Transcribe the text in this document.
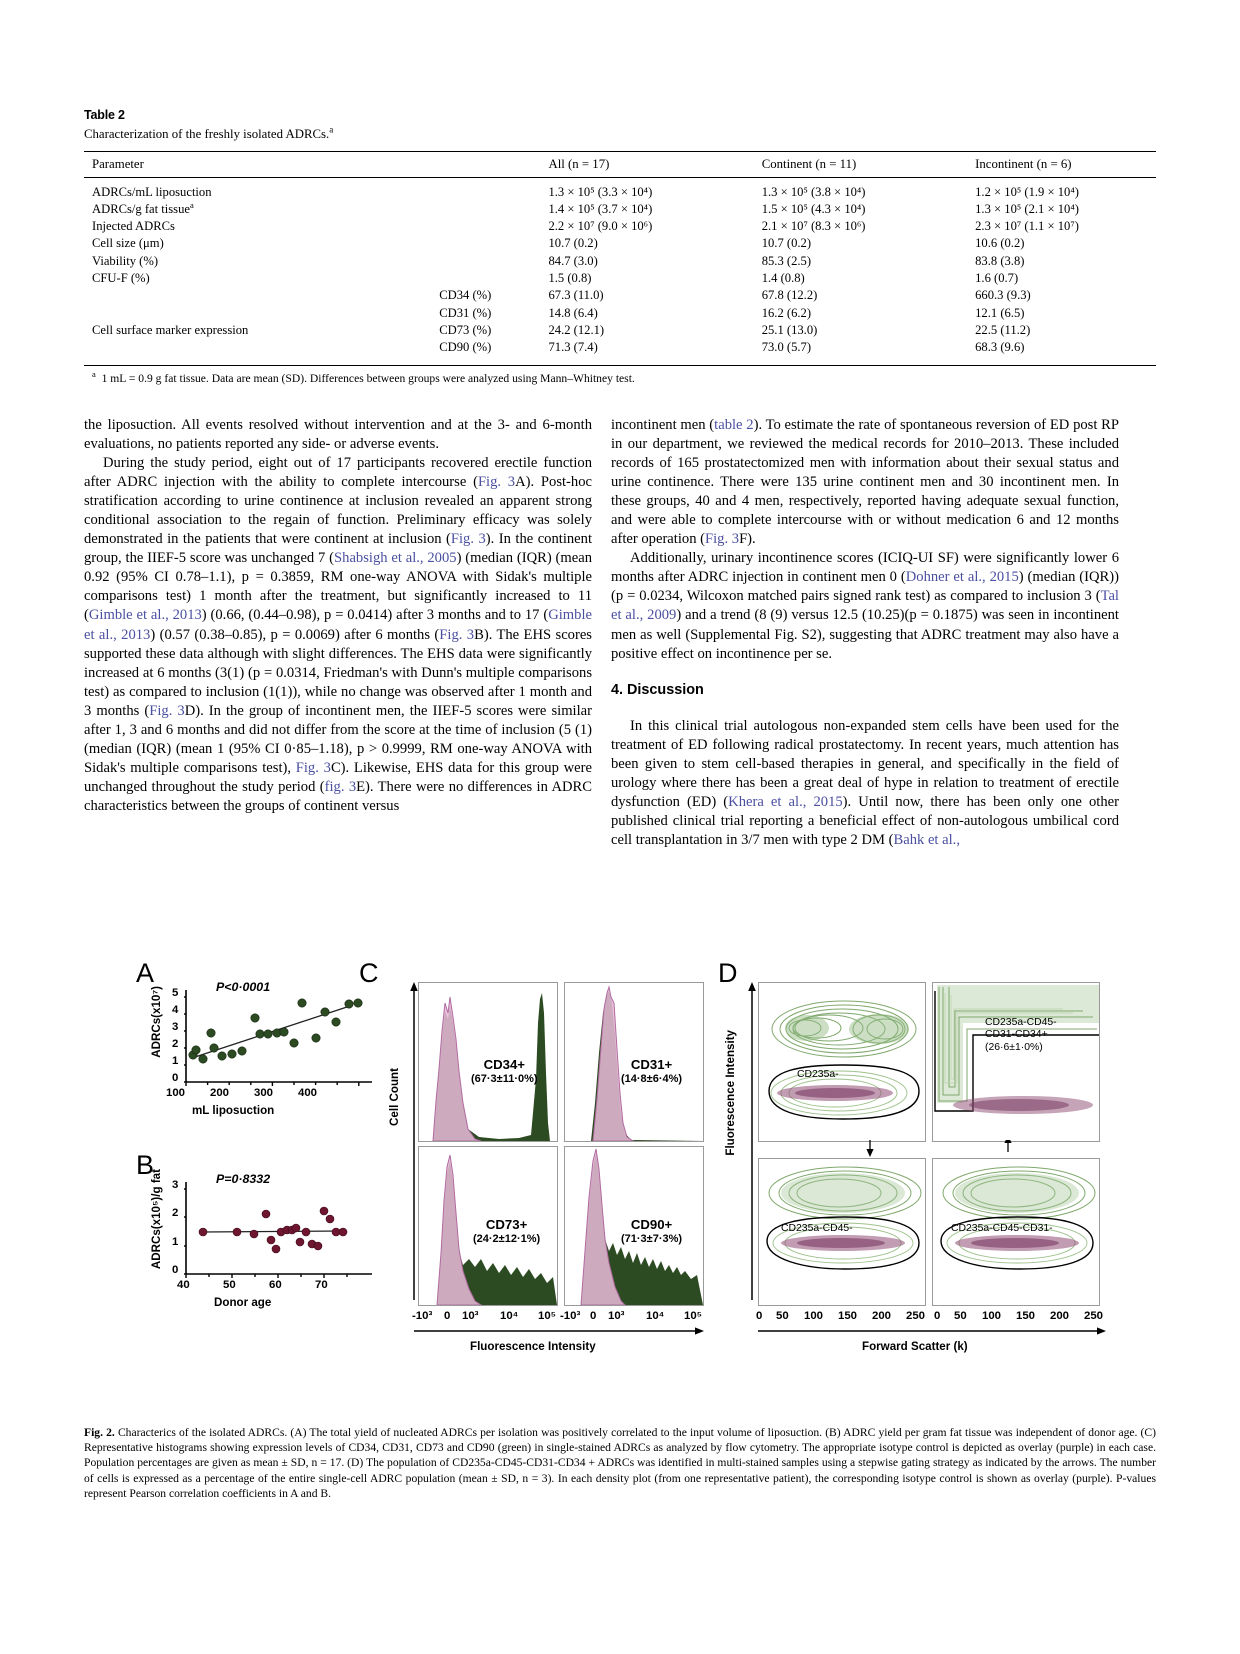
Table 2
Characterization of the freshly isolated ADRCs.$^a$
Parameter		All (n = 17)	Continent (n = 11)	Incontinent (n = 6)

ADRCs/mL liposuction		1.3 × 10⁵ (3.3 × 10⁴)	1.3 × 10⁵ (3.8 × 10⁴)	1.2 × 10⁵ (1.9 × 10⁴)
ADRCs/g fat tissue$^a$		1.4 × 10⁵ (3.7 × 10⁴)	1.5 × 10⁵ (4.3 × 10⁴)	1.3 × 10⁵ (2.1 × 10⁴)
Injected ADRCs		2.2 × 10⁷ (9.0 × 10⁶)	2.1 × 10⁷ (8.3 × 10⁶)	2.3 × 10⁷ (1.1 × 10⁷)
Cell size (μm)		10.7 (0.2)	10.7 (0.2)	10.6 (0.2)
Viability (%)		84.7 (3.0)	85.3 (2.5)	83.8 (3.8)
CFU-F (%)		1.5 (0.8)	1.4 (0.8)	1.6 (0.7)
	CD34 (%)	67.3 (11.0)	67.8 (12.2)	660.3 (9.3)
	CD31 (%)	14.8 (6.4)	16.2 (6.2)	12.1 (6.5)
Cell surface marker expression	CD73 (%)	24.2 (12.1)	25.1 (13.0)	22.5 (11.2)
	CD90 (%)	71.3 (7.4)	73.0 (5.7)	68.3 (9.6)

$^a$ 1 mL = 0.9 g fat tissue. Data are mean (SD). Differences between groups were analyzed using Mann–Whitney test.

the liposuction. All events resolved without intervention and at the 3- and 6-month evaluations, no patients reported any side- or adverse events.

During the study period, eight out of 17 participants recovered erectile function after ADRC injection with the ability to complete intercourse (Fig. 3A). Post-hoc stratification according to urine continence at inclusion revealed an apparent strong conditional association to the regain of function. Preliminary efficacy was solely demonstrated in the patients that were continent at inclusion (Fig. 3). In the continent group, the IIEF-5 score was unchanged 7 (Shabsigh et al., 2005) (median (IQR) (mean 0.92 (95% CI 0.78–1.1), p = 0.3859, RM one-way ANOVA with Sidak's multiple comparisons test) 1 month after the treatment, but significantly increased to 11 (Gimble et al., 2013) (0.66, (0.44–0.98), p = 0.0414) after 3 months and to 17 (Gimble et al., 2013) (0.57 (0.38–0.85), p = 0.0069) after 6 months (Fig. 3B). The EHS scores supported these data although with slight differences. The EHS data were significantly increased at 6 months (3(1) (p = 0.0314, Friedman's with Dunn's multiple comparisons test) as compared to inclusion (1(1)), while no change was observed after 1 month and 3 months (Fig. 3D). In the group of incontinent men, the IIEF-5 scores were similar after 1, 3 and 6 months and did not differ from the score at the time of inclusion (5 (1)(median (IQR) (mean 1 (95% CI 0·85–1.18), p > 0.9999, RM one-way ANOVA with Sidak's multiple comparisons test), Fig. 3C). Likewise, EHS data for this group were unchanged throughout the study period (fig. 3E). There were no differences in ADRC characteristics between the groups of continent versus

incontinent men (table 2). To estimate the rate of spontaneous reversion of ED post RP in our department, we reviewed the medical records for 2010–2013. These included records of 165 prostatectomized men with information about their sexual status and urine continence. There were 135 urine continent men and 30 incontinent men. In these groups, 40 and 4 men, respectively, reported having adequate sexual function, and were able to complete intercourse with or without medication 6 and 12 months after operation (Fig. 3F).

Additionally, urinary incontinence scores (ICIQ-UI SF) were significantly lower 6 months after ADRC injection in continent men 0 (Dohner et al., 2015) (median (IQR))(p = 0.0234, Wilcoxon matched pairs signed rank test) as compared to inclusion 3 (Tal et al., 2009) and a trend (8 (9) versus 12.5 (10.25)(p = 0.1875) was seen in incontinent men as well (Supplemental Fig. S2), suggesting that ADRC treatment may also have a positive effect on incontinence per se.

4. Discussion

In this clinical trial autologous non-expanded stem cells have been used for the treatment of ED following radical prostatectomy. In recent years, much attention has been given to stem cell-based therapies in general, and specifically in the field of urology where there has been a great deal of hype in relation to treatment of erectile dysfunction (ED) (Khera et al., 2015). Until now, there has been only one other published clinical trial reporting a beneficial effect of non-autologous umbilical cord cell transplantation in 3/7 men with type 2 DM (Bahk et al.,

A
B
C	D
ADRCs(x10⁷)	P<0·0001
0
1
2
3
4
5
100 200 300 400
mL liposuction
ADRCs(x10⁵)/g fat	P=0·8332
0
1
2
3
40	50	60	70
Donor age
Cell Count
CD34+
(67·3±11·0%)
CD31+
(14·8±6·4%)
CD73+
(24·2±12·1%)
CD90+
(71·3±7·3%)
-10³ 0 10³ 10⁴ 10⁵ -10³ 0 10³ 10⁴ 10⁵
Fluorescence Intensity
Fluorescence Intensity	CD235a-
CD235a-CD45-
CD31-CD34+
(26·6±1·0%)
CD235a-CD45-	CD235a-CD45-CD31-
0 50 100 150 200 250 0 50 100 150 200 250
Forward Scatter (k)
Fig. 2. Characterics of the isolated ADRCs. (A) The total yield of nucleated ADRCs per isolation was positively correlated to the input volume of liposuction. (B) ADRC yield per gram fat tissue was independent of donor age. (C) Representative histograms showing expression levels of CD34, CD31, CD73 and CD90 (green) in single-stained ADRCs as analyzed by flow cytometry. The appropriate isotype control is depicted as overlay (purple) in each case. Population percentages are given as mean ± SD, n = 17. (D) The population of CD235a-CD45-CD31-CD34 + ADRCs was identified in multi-stained samples using a stepwise gating strategy as indicated by the arrows. The number of cells is expressed as a percentage of the entire single-cell ADRC population (mean ± SD, n = 3). In each density plot (from one representative patient), the corresponding isotype control is shown as overlay (purple). P-values represent Pearson correlation coefficients in A and B.
